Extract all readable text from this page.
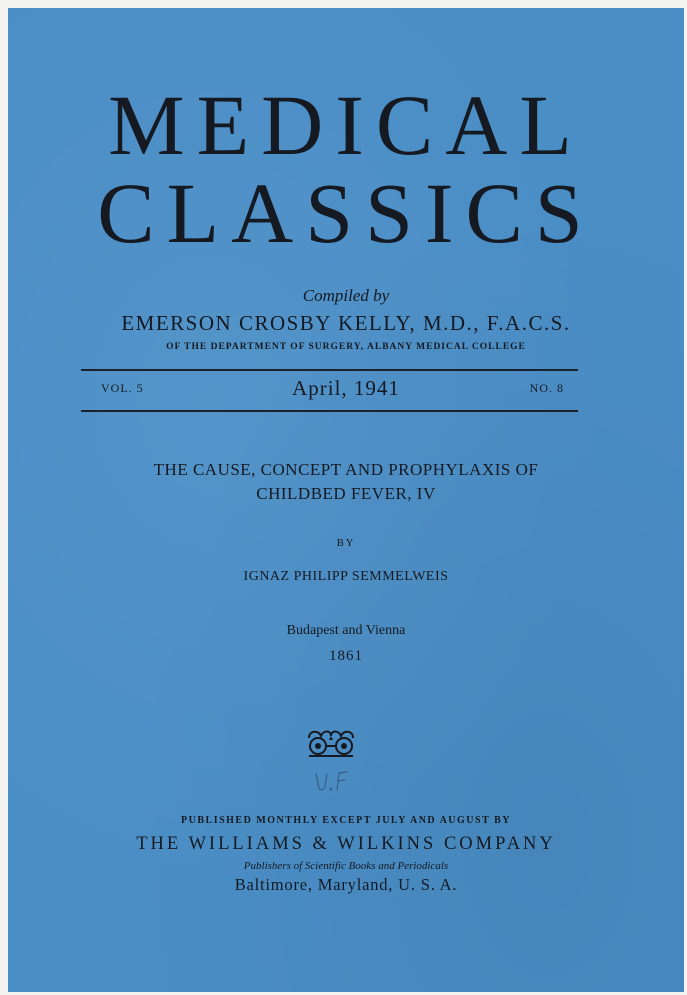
MEDICAL
CLASSICS
Compiled by
EMERSON CROSBY KELLY, M.D., F.A.C.S.
OF THE DEPARTMENT OF SURGERY, ALBANY MEDICAL COLLEGE
VOL. 5	April, 1941	NO. 8
THE CAUSE, CONCEPT AND PROPHYLAXIS OF
CHILDBED FEVER, IV
BY
IGNAZ PHILIPP SEMMELWEIS
Budapest and Vienna
1861
PUBLISHED MONTHLY EXCEPT JULY AND AUGUST BY
THE WILLIAMS & WILKINS COMPANY
Publishers of Scientific Books and Periodicals
Baltimore, Maryland, U. S. A.
